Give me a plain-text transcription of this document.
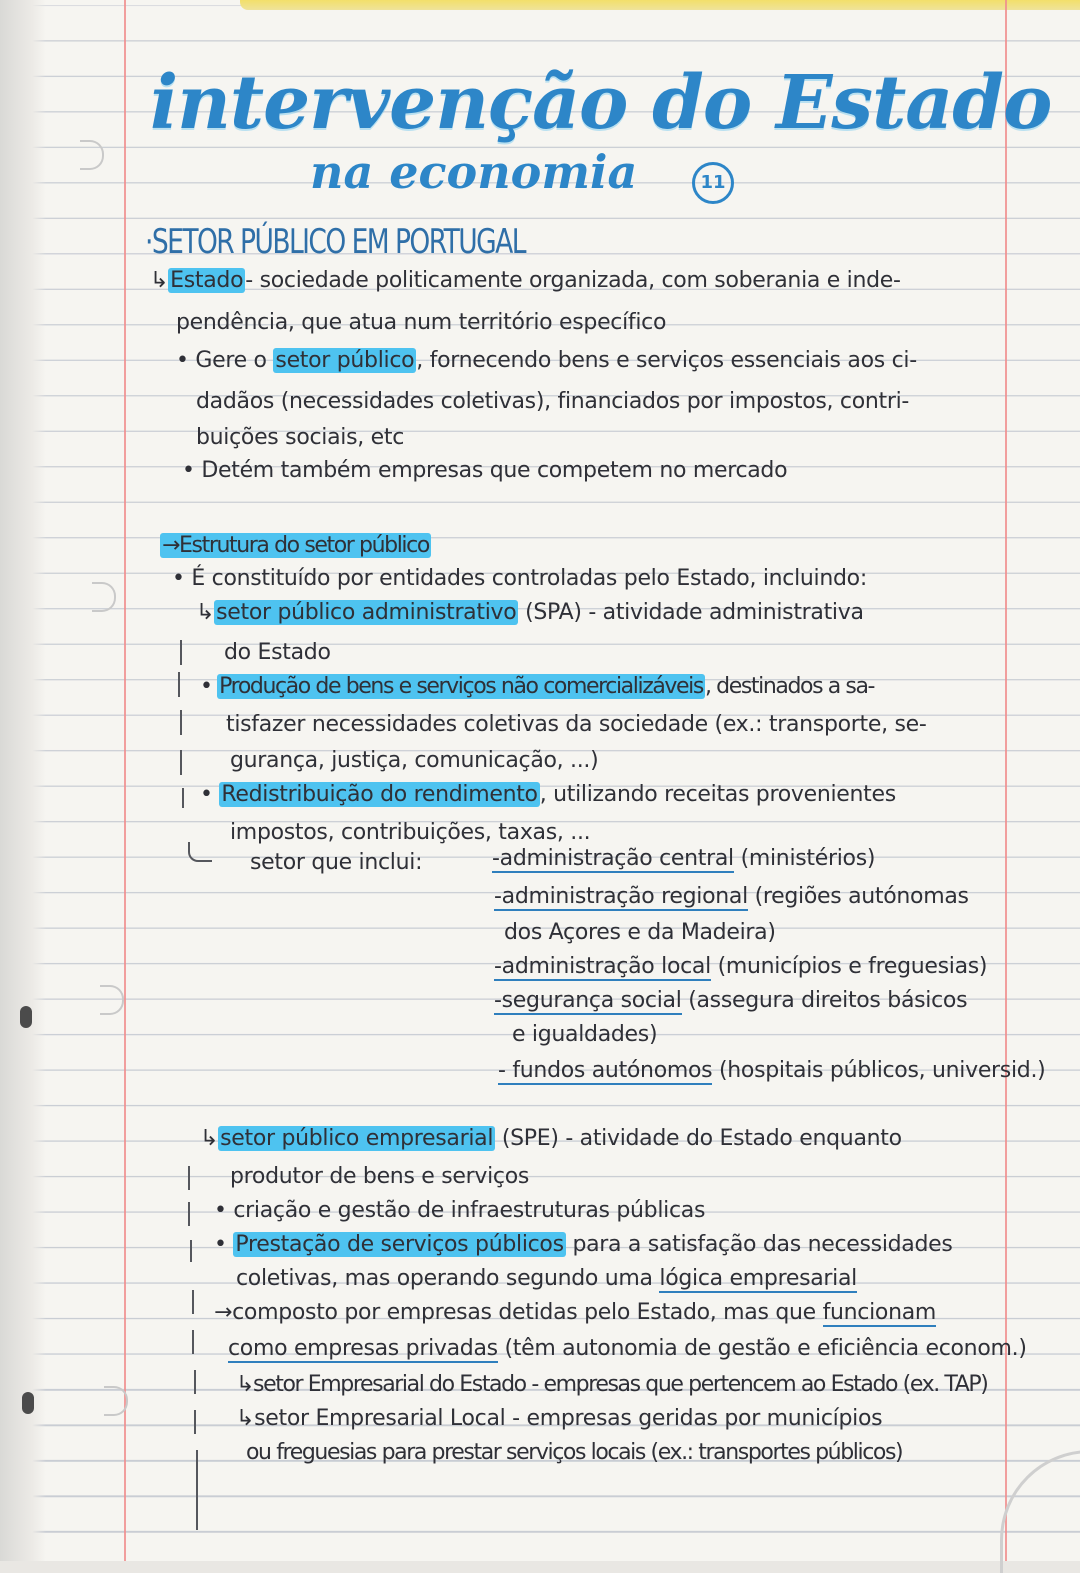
intervenção do Estado
na economia	11
·SETOR PÚBLICO EM PORTUGAL
↳Estado- sociedade politicamente organizada, com soberania e inde-
pendência, que atua num território específico
• Gere o setor público, fornecendo bens e serviços essenciais aos ci-
dadãos (necessidades coletivas), financiados por impostos, contri-
buições sociais, etc
• Detém também empresas que competem no mercado
→Estrutura do setor público
• É constituído por entidades controladas pelo Estado, incluindo:
↳setor público administrativo (SPA) - atividade administrativa
do Estado
• Produção de bens e serviços não comercializáveis, destinados a sa-
tisfazer necessidades coletivas da sociedade (ex.: transporte, se-
gurança, justiça, comunicação, ...)
• Redistribuição do rendimento, utilizando receitas provenientes
impostos, contribuições, taxas, ...
setor que inclui:	-administração central (ministérios)
-administração regional (regiões autónomas
dos Açores e da Madeira)
-administração local (municípios e freguesias)
-segurança social (assegura direitos básicos
e igualdades)
- fundos autónomos (hospitais públicos, universid.)
↳setor público empresarial (SPE) - atividade do Estado enquanto
produtor de bens e serviços
• criação e gestão de infraestruturas públicas
• Prestação de serviços públicos para a satisfação das necessidades
coletivas, mas operando segundo uma lógica empresarial
→composto por empresas detidas pelo Estado, mas que funcionam
como empresas privadas (têm autonomia de gestão e eficiência econom.)
↳setor Empresarial do Estado - empresas que pertencem ao Estado (ex. TAP)
↳setor Empresarial Local - empresas geridas por municípios
ou freguesias para prestar serviços locais (ex.: transportes públicos)
